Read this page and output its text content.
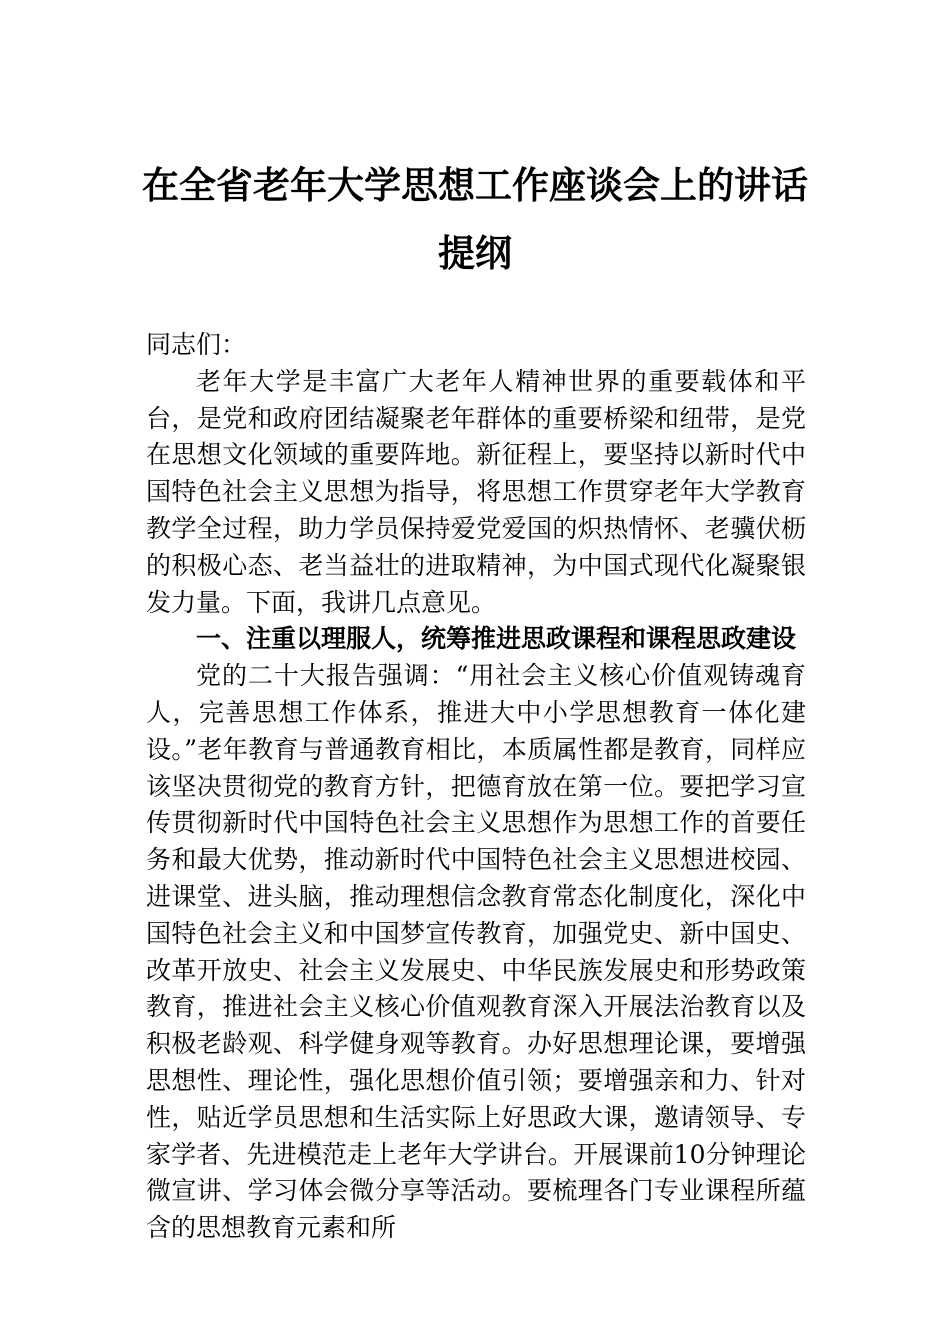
在全省老年大学思想工作座谈会上的讲话
提纲

同志们：

老年大学是丰富广大老年人精神世界的重要载体和平台，是党和政府团结凝聚老年群体的重要桥梁和纽带，是党在思想文化领域的重要阵地。新征程上，要坚持以新时代中国特色社会主义思想为指导，将思想工作贯穿老年大学教育教学全过程，助力学员保持爱党爱国的炽热情怀、老骥伏枥的积极心态、老当益壮的进取精神，为中国式现代化凝聚银发力量。下面，我讲几点意见。

一、注重以理服人，统筹推进思政课程和课程思政建设

党的二十大报告强调：“用社会主义核心价值观铸魂育人，完善思想工作体系，推进大中小学思想教育一体化建设。”老年教育与普通教育相比，本质属性都是教育，同样应该坚决贯彻党的教育方针，把德育放在第一位。要把学习宣传贯彻新时代中国特色社会主义思想作为思想工作的首要任务和最大优势，推动新时代中国特色社会主义思想进校园、进课堂、进头脑，推动理想信念教育常态化制度化，深化中国特色社会主义和中国梦宣传教育，加强党史、新中国史、改革开放史、社会主义发展史、中华民族发展史和形势政策教育，推进社会主义核心价值观教育深入开展法治教育以及积极老龄观、科学健身观等教育。办好思想理论课，要增强思想性、理论性，强化思想价值引领；要增强亲和力、针对性，贴近学员思想和生活实际上好思政大课，邀请领导、专家学者、先进模范走上老年大学讲台。开展课前10分钟理论微宣讲、学习体会微分享等活动。要梳理各门专业课程所蕴含的思想教育元素和所
